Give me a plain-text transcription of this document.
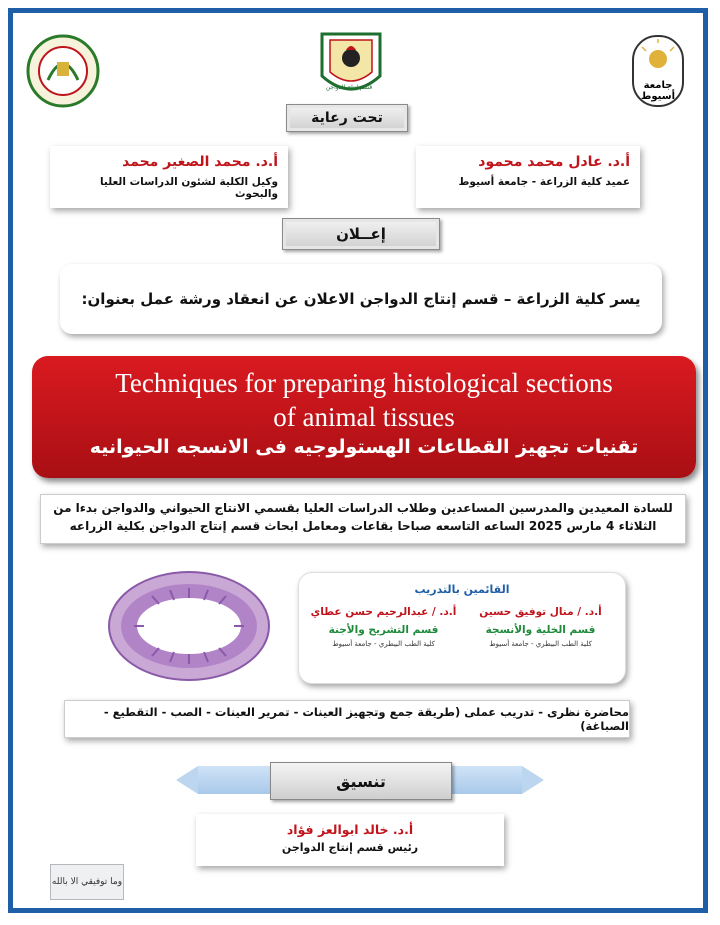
قسم إنتاج الدواجن	جامعة أسيوط
تحت رعاية
أ.د. عادل محمد محمود
عميد كلية الزراعة - جامعة أسيوط
أ.د. محمد الصغير محمد
وكيل الكلية لشئون الدراسات العليا والبحوث
إعــلان
يسر كلية الزراعة – قسم إنتاج الدواجن الاعلان عن انعقاد ورشة عمل بعنوان:
Techniques for preparing histological sections of animal tissues
تقنيات تجهيز القطاعات الهستولوجيه فى الانسجه الحيوانيه
للسادة المعيدين والمدرسين المساعدين وطلاب الدراسات العليا بقسمي الانتاج الحيواني والدواجن بدءا من
الثلاثاء 4 مارس 2025 الساعه التاسعه صباحا بقاعات ومعامل ابحاث قسم إنتاج الدواجن بكلية الزراعه
القائمين بالتدريب
أ.د. / منال توفيق حسين
قسم الخلية والأنسجة
كلية الطب البيطري - جامعة أسيوط
أ.د. / عبدالرحيم حسن عطاي
قسم التشريح والأجنة
كلية الطب البيطري - جامعة أسيوط
محاضرة نظرى - تدريب عملى (طريقة جمع وتجهيز العينات - تمرير العينات - الصب - التقطيع - الصباغة)
تنسيق
أ.د. خالد ابوالعز فؤاد
رئيس قسم إنتاج الدواجن
وما توفيقي الا بالله
